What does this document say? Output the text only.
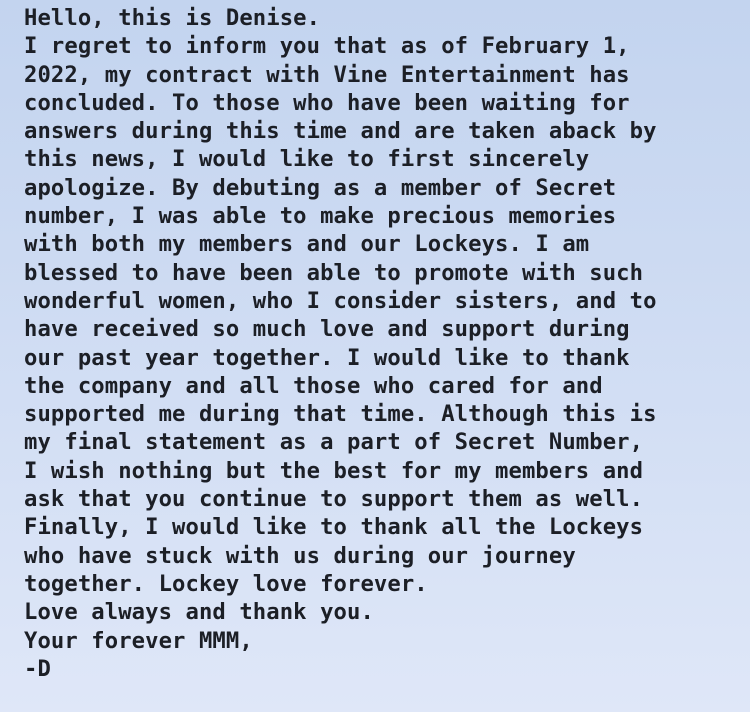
Hello, this is Denise.
I regret to inform you that as of February 1,
2022, my contract with Vine Entertainment has
concluded. To those who have been waiting for
answers during this time and are taken aback by
this news, I would like to first sincerely
apologize. By debuting as a member of Secret
number, I was able to make precious memories
with both my members and our Lockeys. I am
blessed to have been able to promote with such
wonderful women, who I consider sisters, and to
have received so much love and support during
our past year together. I would like to thank
the company and all those who cared for and
supported me during that time. Although this is
my final statement as a part of Secret Number,
I wish nothing but the best for my members and
ask that you continue to support them as well.
Finally, I would like to thank all the Lockeys
who have stuck with us during our journey
together. Lockey love forever.
Love always and thank you.
Your forever MMM,
-D
